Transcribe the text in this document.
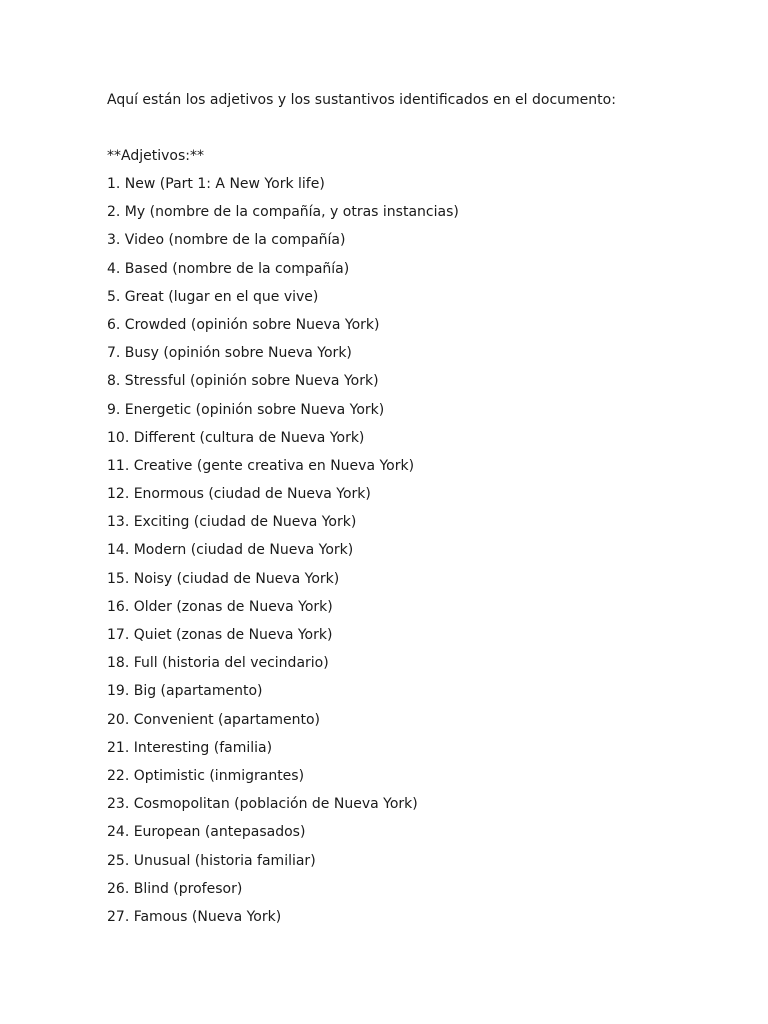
Aquí están los adjetivos y los sustantivos identificados en el documento:

**Adjetivos:**

1. New (Part 1: A New York life)
2. My (nombre de la compañía, y otras instancias)
3. Video (nombre de la compañía)
4. Based (nombre de la compañía)
5. Great (lugar en el que vive)
6. Crowded (opinión sobre Nueva York)
7. Busy (opinión sobre Nueva York)
8. Stressful (opinión sobre Nueva York)
9. Energetic (opinión sobre Nueva York)
10. Different (cultura de Nueva York)
11. Creative (gente creativa en Nueva York)
12. Enormous (ciudad de Nueva York)
13. Exciting (ciudad de Nueva York)
14. Modern (ciudad de Nueva York)
15. Noisy (ciudad de Nueva York)
16. Older (zonas de Nueva York)
17. Quiet (zonas de Nueva York)
18. Full (historia del vecindario)
19. Big (apartamento)
20. Convenient (apartamento)
21. Interesting (familia)
22. Optimistic (inmigrantes)
23. Cosmopolitan (población de Nueva York)
24. European (antepasados)
25. Unusual (historia familiar)
26. Blind (profesor)
27. Famous (Nueva York)
